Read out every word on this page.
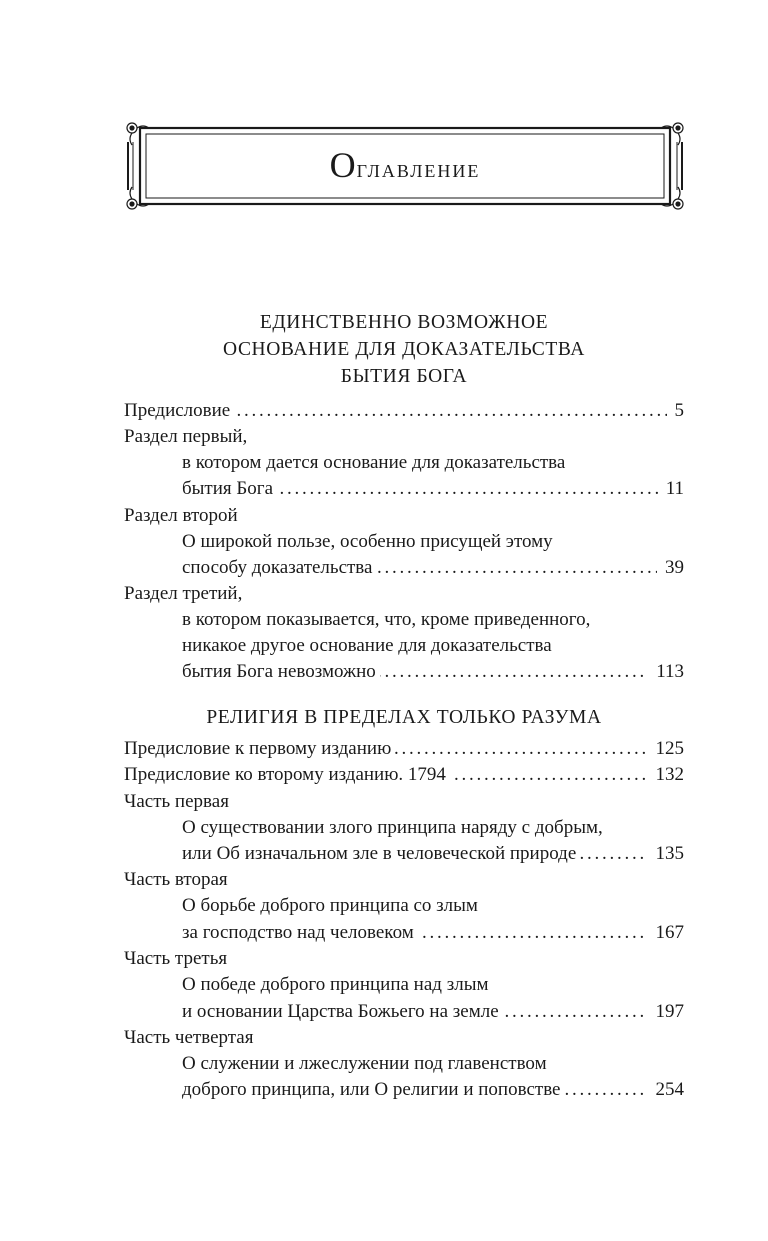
Оглавление
ЕДИНСТВЕННО ВОЗМОЖНОЕ
ОСНОВАНИЕ ДЛЯ ДОКАЗАТЕЛЬСТВА
БЫТИЯ БОГА
Предисловие	5
. . .
Раздел первый,
в котором дается основание для доказательства
бытия Бога	11
. . .
Раздел второй
О широкой пользе, особенно присущей этому
способу доказательства	39
. . .
Раздел третий,
в котором показывается, что, кроме приведенного,
никакое другое основание для доказательства
бытия Бога невозможно	113
. . .
РЕЛИГИЯ В ПРЕДЕЛАХ ТОЛЬКО РАЗУМА
Предисловие к первому изданию	125
. . .
Предисловие ко второму изданию. 1794	132
. . .
Часть первая
О существовании злого принципа наряду с добрым,
или Об изначальном зле в человеческой природе	135
. . .
Часть вторая
О борьбе доброго принципа со злым
за господство над человеком	167
. . .
Часть третья
О победе доброго принципа над злым
и основании Царства Божьего на земле	197
. . .
Часть четвертая
О служении и лжеслужении под главенством
доброго принципа, или О религии и поповстве	254
. . .
